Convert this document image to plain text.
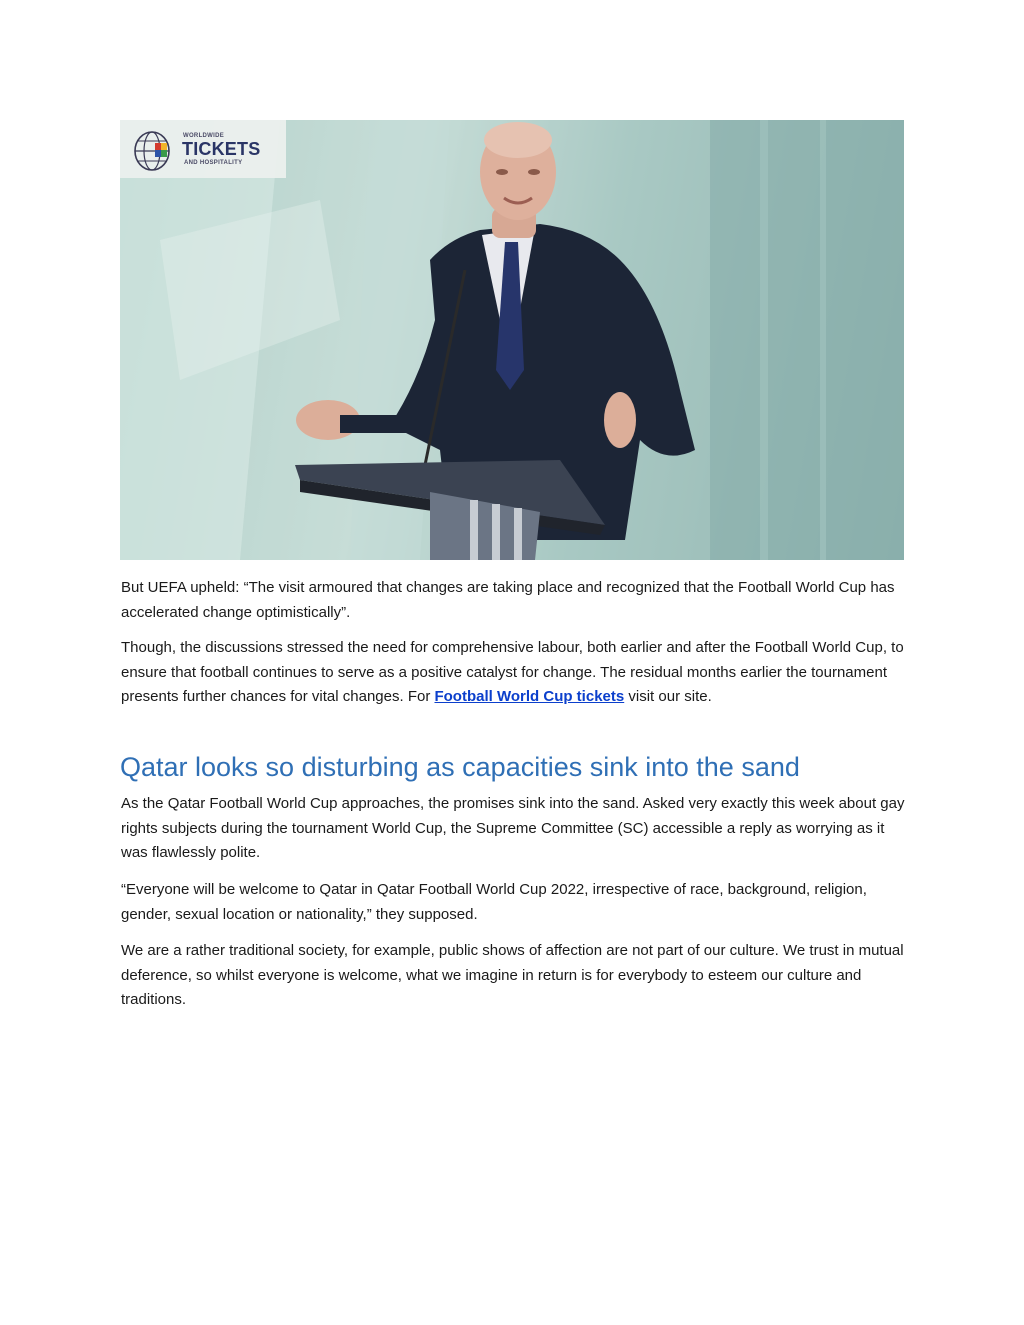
WORLDWIDE
TICKETS
AND HOSPITALITY

But UEFA upheld: “The visit armoured that changes are taking place and recognized that the Football World Cup has accelerated change optimistically”.

Though, the discussions stressed the need for comprehensive labour, both earlier and after the Football World Cup, to ensure that football continues to serve as a positive catalyst for change. The residual months earlier the tournament presents further chances for vital changes. For Football World Cup tickets visit our site.

Qatar looks so disturbing as capacities sink into the sand

As the Qatar Football World Cup approaches, the promises sink into the sand. Asked very exactly this week about gay rights subjects during the tournament World Cup, the Supreme Committee (SC) accessible a reply as worrying as it was flawlessly polite.

“Everyone will be welcome to Qatar in Qatar Football World Cup 2022, irrespective of race, background, religion, gender, sexual location or nationality,” they supposed.

We are a rather traditional society, for example, public shows of affection are not part of our culture. We trust in mutual deference, so whilst everyone is welcome, what we imagine in return is for everybody to esteem our culture and traditions.
